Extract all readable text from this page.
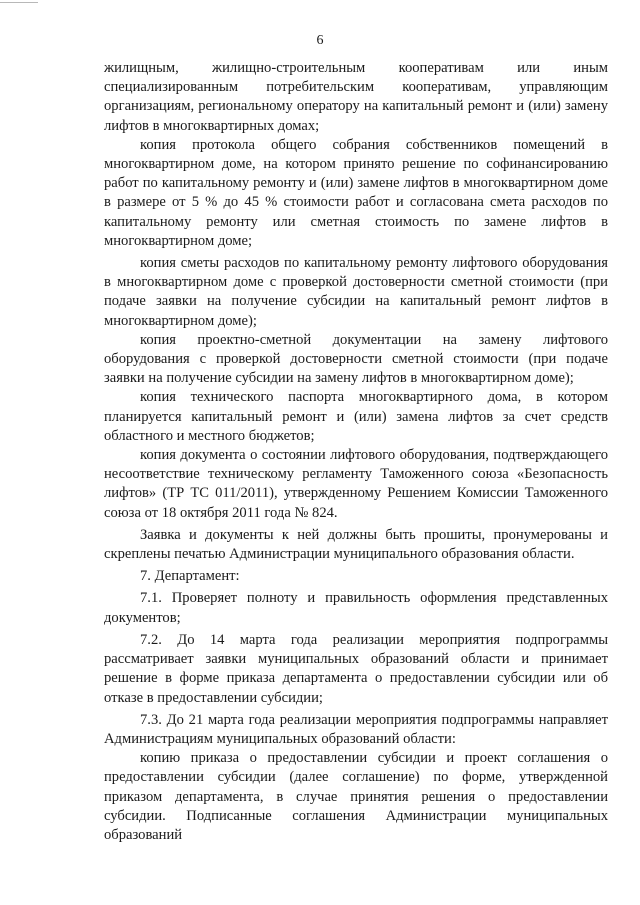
6

жилищным, жилищно-строительным кооперативам или иным специализированным потребительским кооперативам, управляющим организациям, региональному оператору на капитальный ремонт и (или) замену лифтов в многоквартирных домах;

копия протокола общего собрания собственников помещений в многоквартирном доме, на котором принято решение по софинансированию работ по капитальному ремонту и (или) замене лифтов в многоквартирном доме в размере от 5 % до 45 % стоимости работ и согласована смета расходов по капитальному ремонту или сметная стоимость по замене лифтов в многоквартирном доме;

копия сметы расходов по капитальному ремонту лифтового оборудования в многоквартирном доме с проверкой достоверности сметной стоимости (при подаче заявки на получение субсидии на капитальный ремонт лифтов в многоквартирном доме);

копия проектно-сметной документации на замену лифтового оборудования с проверкой достоверности сметной стоимости (при подаче заявки на получение субсидии на замену лифтов в многоквартирном доме);

копия технического паспорта многоквартирного дома, в котором планируется капитальный ремонт и (или) замена лифтов за счет средств областного и местного бюджетов;

копия документа о состоянии лифтового оборудования, подтверждающего несоответствие техническому регламенту Таможенного союза «Безопасность лифтов» (ТР ТС 011/2011), утвержденному Решением Комиссии Таможенного союза от 18 октября 2011 года № 824.

Заявка и документы к ней должны быть прошиты, пронумерованы и скреплены печатью Администрации муниципального образования области.

7. Департамент:

7.1. Проверяет полноту и правильность оформления представленных документов;

7.2. До 14 марта года реализации мероприятия подпрограммы рассматривает заявки муниципальных образований области и принимает решение в форме приказа департамента о предоставлении субсидии или об отказе в предоставлении субсидии;

7.3. До 21 марта года реализации мероприятия подпрограммы направляет Администрациям муниципальных образований области:

копию приказа о предоставлении субсидии и проект соглашения о предоставлении субсидии (далее соглашение) по форме, утвержденной приказом департамента, в случае принятия решения о предоставлении субсидии. Подписанные соглашения Администрации муниципальных образований
